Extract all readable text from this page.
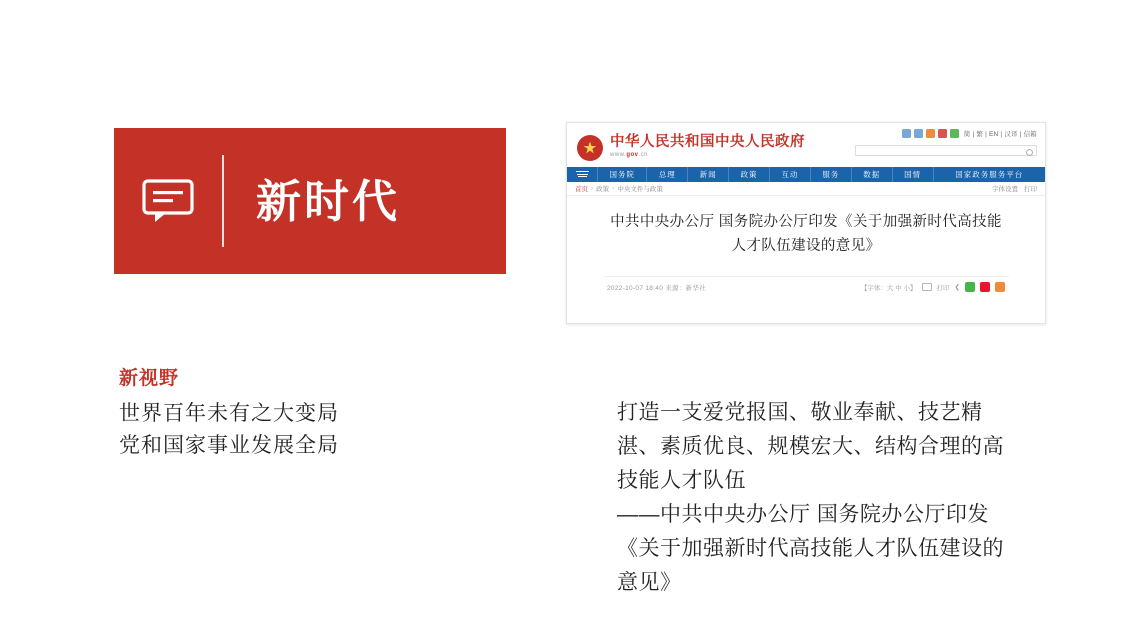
新时代
新视野
世界百年未有之大变局
党和国家事业发展全局
中华人民共和国中央人民政府
www.gov.cn
简 | 繁 | EN | 汉译 | 信箱
国务院	总理	新闻	政策	互动	服务	数据	国情	国家政务服务平台
首页 › 政策 › 中央文件与政策	字体设置 打印
中共中央办公厅 国务院办公厅印发《关于加强新时代高技能人才队伍建设的意见》
2022-10-07 18:40 来源：新华社	【字体：大 中 小】	打印 ❮
打造一支爱党报国、敬业奉献、技艺精湛、素质优良、规模宏大、结构合理的高技能人才队伍
——中共中央办公厅 国务院办公厅印发
《关于加强新时代高技能人才队伍建设的意见》
